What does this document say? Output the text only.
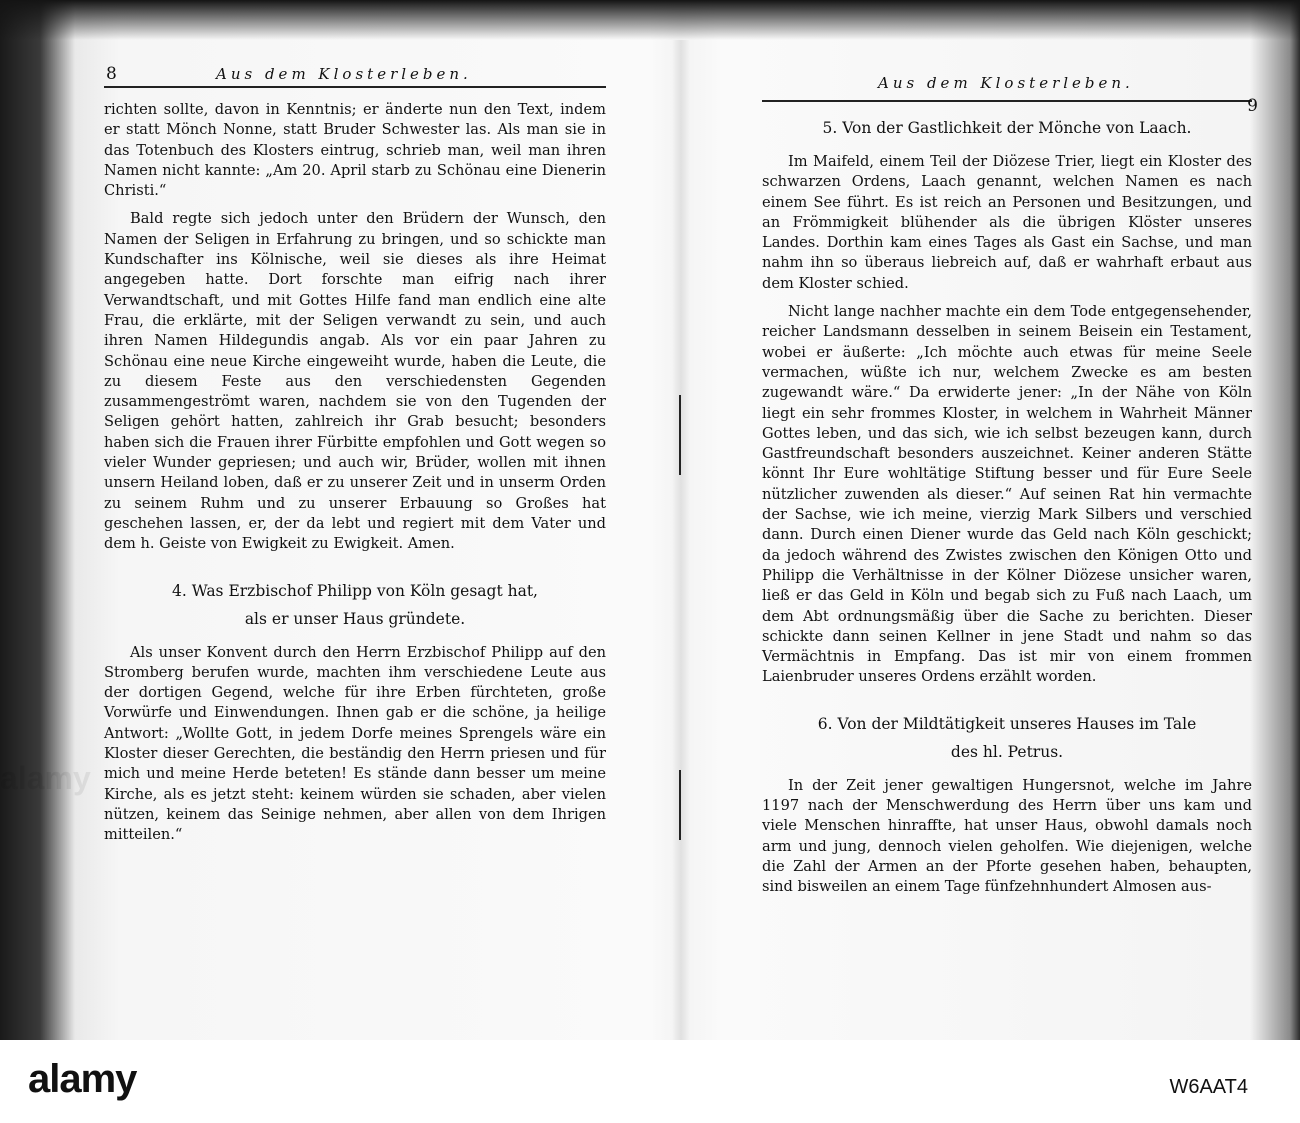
alamy
8	Aus dem Klosterleben.

richten sollte, davon in Kenntnis; er änderte nun den Text, indem er statt Mönch Nonne, statt Bruder Schwester las. Als man sie in das Totenbuch des Klosters eintrug, schrieb man, weil man ihren Namen nicht kannte: „Am 20. April starb zu Schönau eine Dienerin Christi.“

Bald regte sich jedoch unter den Brüdern der Wunsch, den Namen der Seligen in Erfahrung zu bringen, und so schickte man Kundschafter ins Kölnische, weil sie dieses als ihre Heimat angegeben hatte. Dort forschte man eifrig nach ihrer Verwandtschaft, und mit Gottes Hilfe fand man endlich eine alte Frau, die erklärte, mit der Seligen verwandt zu sein, und auch ihren Namen Hildegundis angab. Als vor ein paar Jahren zu Schönau eine neue Kirche eingeweiht wurde, haben die Leute, die zu diesem Feste aus den verschiedensten Gegenden zusammengeströmt waren, nachdem sie von den Tugenden der Seligen gehört hatten, zahlreich ihr Grab besucht; besonders haben sich die Frauen ihrer Fürbitte empfohlen und Gott wegen so vieler Wunder gepriesen; und auch wir, Brüder, wollen mit ihnen unsern Heiland loben, daß er zu unserer Zeit und in unserm Orden zu seinem Ruhm und zu unserer Erbauung so Großes hat geschehen lassen, er, der da lebt und regiert mit dem Vater und dem h. Geiste von Ewigkeit zu Ewigkeit. Amen.

4. Was Erzbischof Philipp von Köln gesagt hat,
als er unser Haus gründete.

Als unser Konvent durch den Herrn Erzbischof Philipp auf den Stromberg berufen wurde, machten ihm verschiedene Leute aus der dortigen Gegend, welche für ihre Erben fürchteten, große Vorwürfe und Einwendungen. Ihnen gab er die schöne, ja heilige Antwort: „Wollte Gott, in jedem Dorfe meines Sprengels wäre ein Kloster dieser Gerechten, die beständig den Herrn priesen und für mich und meine Herde beteten! Es stände dann besser um meine Kirche, als es jetzt steht: keinem würden sie schaden, aber vielen nützen, keinem das Seinige nehmen, aber allen von dem Ihrigen mitteilen.“

Aus dem Klosterleben.
9
5. Von der Gastlichkeit der Mönche von Laach.

Im Maifeld, einem Teil der Diözese Trier, liegt ein Kloster des schwarzen Ordens, Laach genannt, welchen Namen es nach einem See führt. Es ist reich an Personen und Besitzungen, und an Frömmigkeit blühender als die übrigen Klöster unseres Landes. Dorthin kam eines Tages als Gast ein Sachse, und man nahm ihn so überaus liebreich auf, daß er wahrhaft erbaut aus dem Kloster schied.

Nicht lange nachher machte ein dem Tode entgegensehender, reicher Landsmann desselben in seinem Beisein ein Testament, wobei er äußerte: „Ich möchte auch etwas für meine Seele vermachen, wüßte ich nur, welchem Zwecke es am besten zugewandt wäre.“ Da erwiderte jener: „In der Nähe von Köln liegt ein sehr frommes Kloster, in welchem in Wahrheit Männer Gottes leben, und das sich, wie ich selbst bezeugen kann, durch Gastfreundschaft besonders auszeichnet. Keiner anderen Stätte könnt Ihr Eure wohltätige Stiftung besser und für Eure Seele nützlicher zuwenden als dieser.“ Auf seinen Rat hin vermachte der Sachse, wie ich meine, vierzig Mark Silbers und verschied dann. Durch einen Diener wurde das Geld nach Köln geschickt; da jedoch während des Zwistes zwischen den Königen Otto und Philipp die Verhältnisse in der Kölner Diözese unsicher waren, ließ er das Geld in Köln und begab sich zu Fuß nach Laach, um dem Abt ordnungsmäßig über die Sache zu berichten. Dieser schickte dann seinen Kellner in jene Stadt und nahm so das Vermächtnis in Empfang. Das ist mir von einem frommen Laienbruder unseres Ordens erzählt worden.

6. Von der Mildtätigkeit unseres Hauses im Tale
des hl. Petrus.

In der Zeit jener gewaltigen Hungersnot, welche im Jahre 1197 nach der Menschwerdung des Herrn über uns kam und viele Menschen hinraffte, hat unser Haus, obwohl damals noch arm und jung, dennoch vielen geholfen. Wie diejenigen, welche die Zahl der Armen an der Pforte gesehen haben, behaupten, sind bisweilen an einem Tage fünfzehnhundert Almosen aus-

alamy	W6AAT4
